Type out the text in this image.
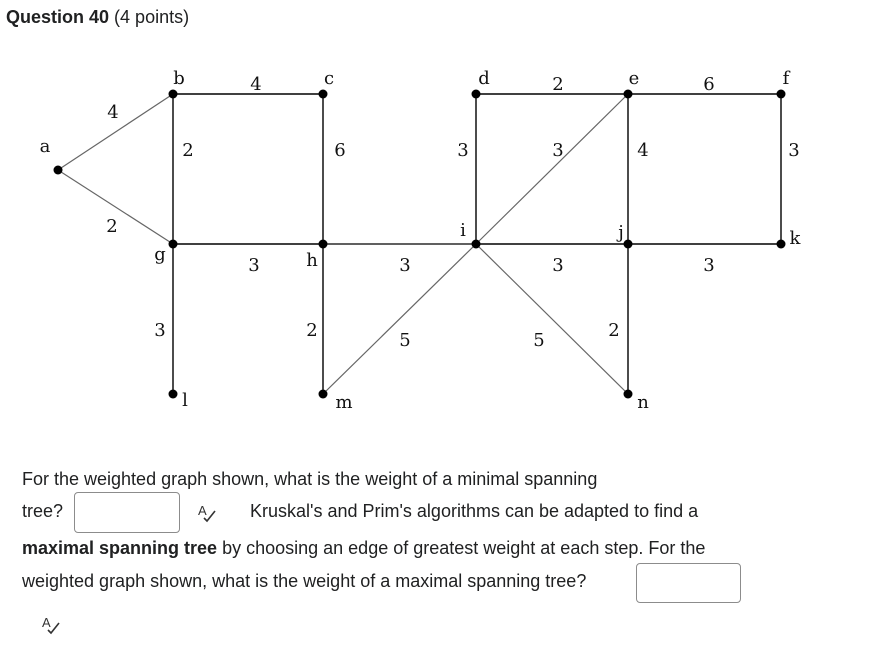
Question 40 (4 points)
4
2
4
2	6
3
3	2
3
5
3
2
3
3
5
4
2
6
3
3
a
b	c	d	e	f
g	h
i	j	k
l	m	n
For the weighted graph shown, what is the weight of a minimal spanning
tree?	A Kruskal's and Prim's algorithms can be adapted to find a
maximal spanning tree by choosing an edge of greatest weight at each step. For the
weighted graph shown, what is the weight of a maximal spanning tree?
A
